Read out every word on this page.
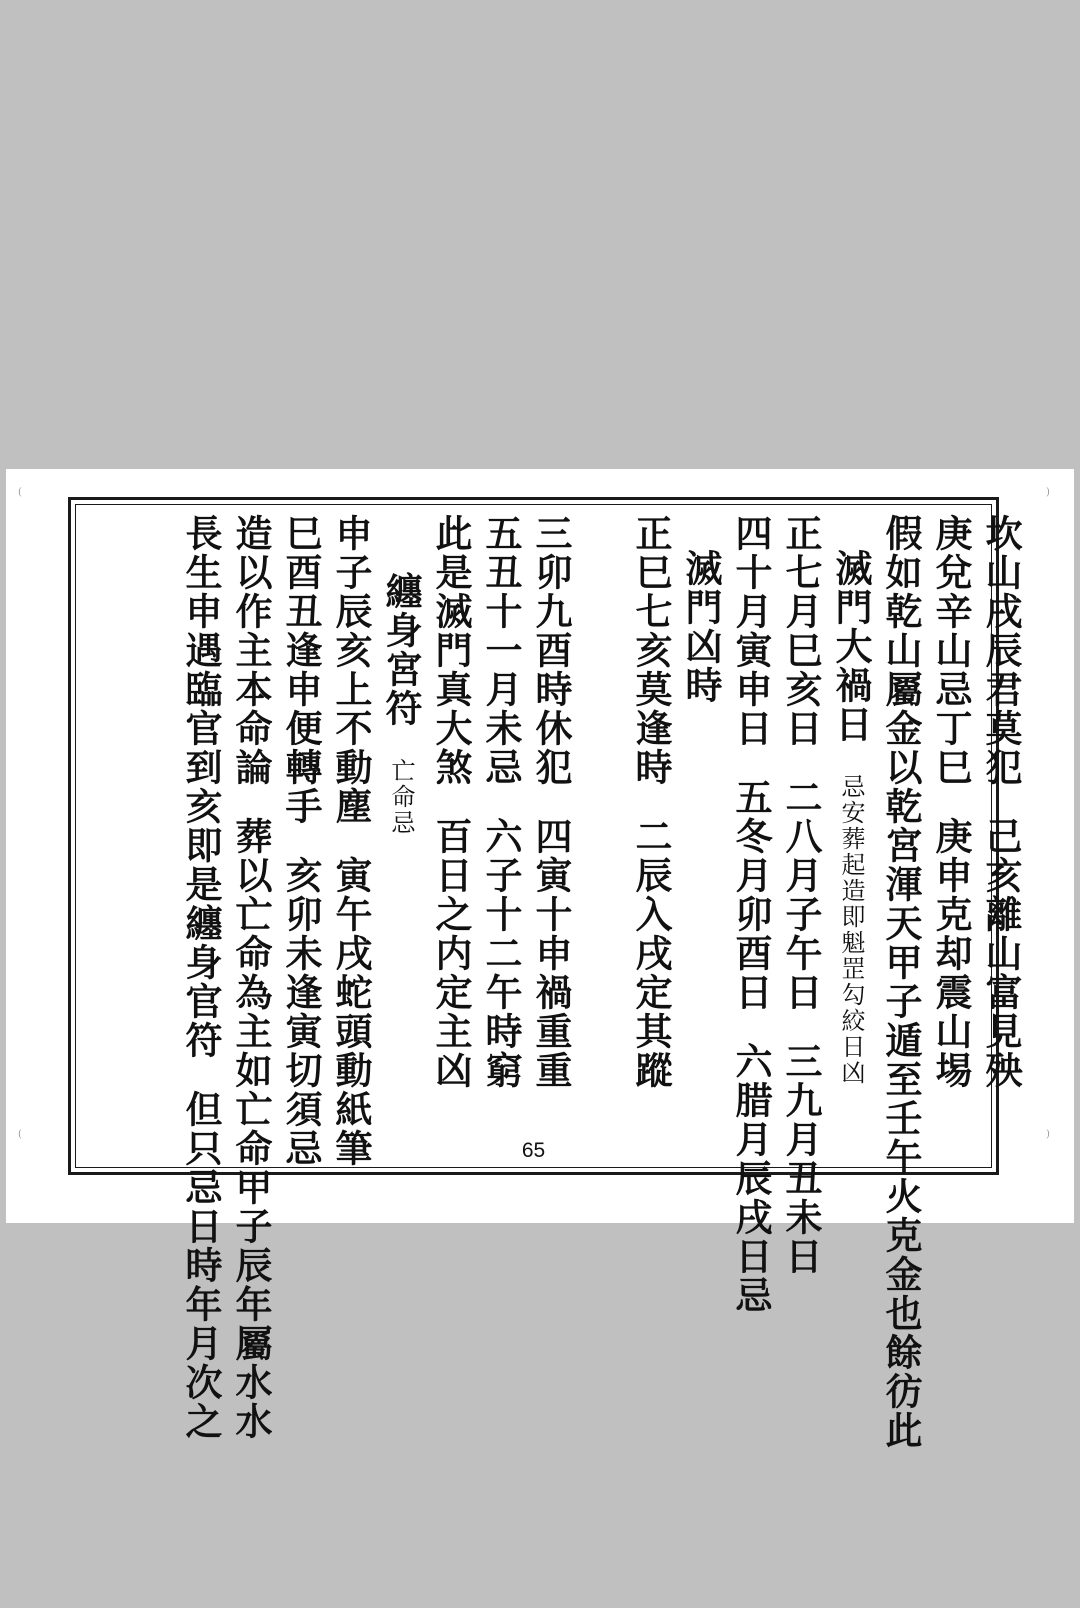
(
(
)
)
坎山戌辰君莫犯己亥離山富見殃
庚兌辛山忌丁巳庚申克却震山埸
假如乾山屬金以乾宮渾天甲子遁至壬午火克金也餘彷此
滅門大禍日忌安葬起造即魁罡勾絞日凶
正七月巳亥日二八月子午日三九月丑未日
四十月寅申日五冬月卯酉日六腊月辰戌日忌
滅門凶時
正巳七亥莫逢時二辰入戌定其蹤
三卯九酉時休犯四寅十申禍重重
五丑十一月未忌六子十二午時窮
此是滅門真大煞百日之内定主凶
纏身宮符亡命忌
申子辰亥上不動塵寅午戌蛇頭動紙筆
巳酉丑逢申便轉手亥卯未逢寅切須忌
造以作主本命論葬以亡命為主如亡命甲子辰年屬水水
長生申遇臨官到亥即是纏身官符但只忌日時年月次之	65
